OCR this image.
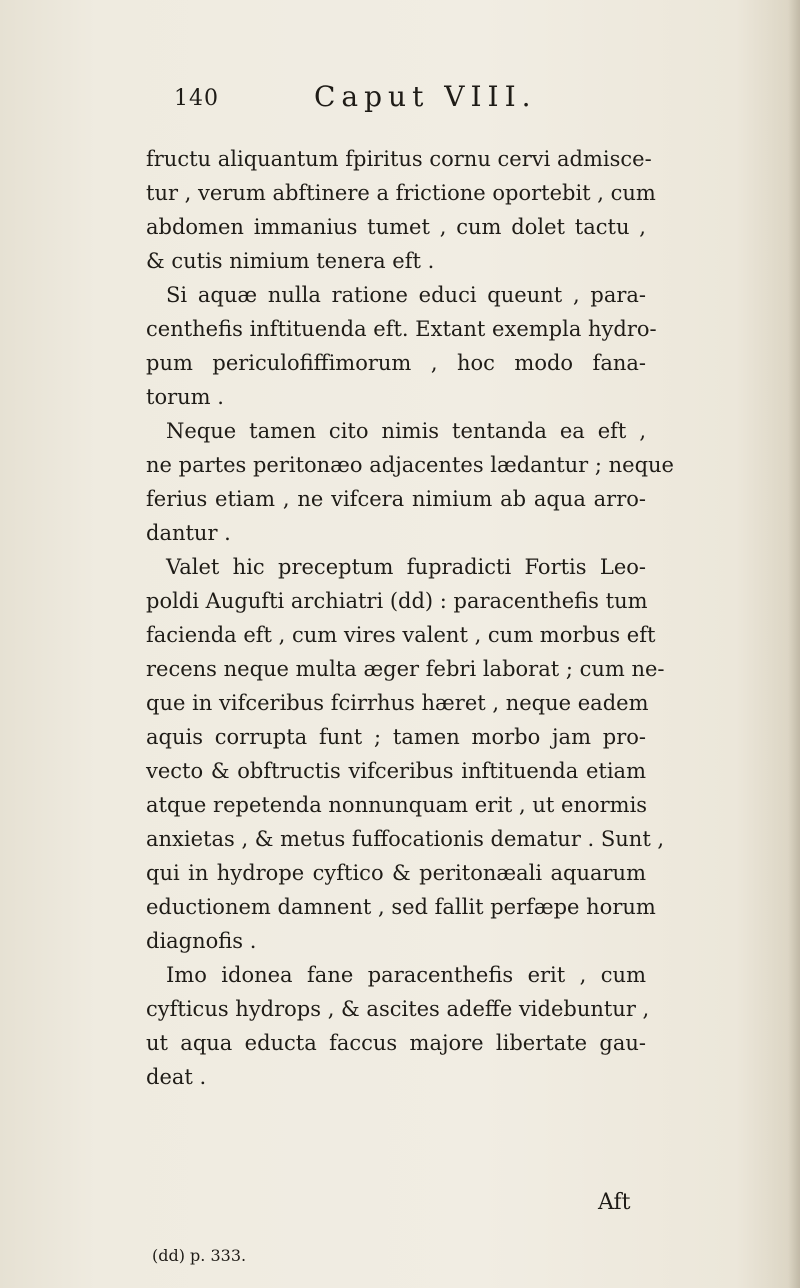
140	Caput VIII.
fructu aliquantum fpiritus cornu cervi admisce-
tur , verum abftinere a frictione oportebit , cum
abdomen immanius tumet , cum dolet tactu ,
& cutis nimium tenera eft .
Si aquæ nulla ratione educi queunt , para-
centhefis inftituenda eft. Extant exempla hydro-
pum periculofiffimorum , hoc modo fana-
torum .
Neque tamen cito nimis tentanda ea eft ,
ne partes peritonæo adjacentes lædantur ; neque
ferius etiam , ne vifcera nimium ab aqua arro-
dantur .
Valet hic preceptum fupradicti Fortis Leo-
poldi Augufti archiatri (dd) : paracenthefis tum
facienda eft , cum vires valent , cum morbus eft
recens neque multa æger febri laborat ; cum ne-
que in vifceribus fcirrhus hæret , neque eadem
aquis corrupta funt ; tamen morbo jam pro-
vecto & obftructis vifceribus inftituenda etiam
atque repetenda nonnunquam erit , ut enormis
anxietas , & metus fuffocationis dematur . Sunt ,
qui in hydrope cyftico & peritonæali aquarum
eductionem damnent , sed fallit perfæpe horum
diagnofis .
Imo idonea fane paracenthefis erit , cum
cyfticus hydrops , & ascites adeffe videbuntur ,
ut aqua educta faccus majore libertate gau-
deat .
Aft
(dd) p. 333.
